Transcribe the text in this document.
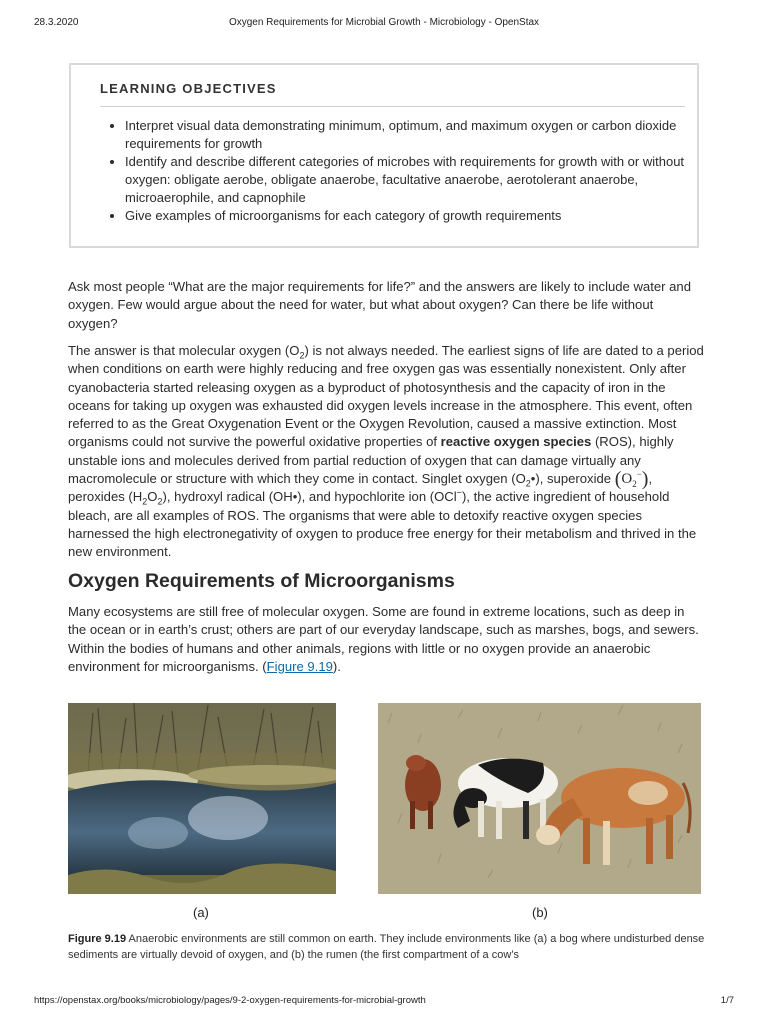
28.3.2020	Oxygen Requirements for Microbial Growth - Microbiology - OpenStax
LEARNING OBJECTIVES
• Interpret visual data demonstrating minimum, optimum, and maximum oxygen or carbon dioxide requirements for growth
• Identify and describe different categories of microbes with requirements for growth with or without oxygen: obligate aerobe, obligate anaerobe, facultative anaerobe, aerotolerant anaerobe, microaerophile, and capnophile
• Give examples of microorganisms for each category of growth requirements

Ask most people “What are the major requirements for life?” and the answers are likely to include water and oxygen. Few would argue about the need for water, but what about oxygen? Can there be life without oxygen?

The answer is that molecular oxygen $(O_2)$ is not always needed. The earliest signs of life are dated to a period when conditions on earth were highly reducing and free oxygen gas was essentially nonexistent. Only after cyanobacteria started releasing oxygen as a byproduct of photosynthesis and the capacity of iron in the oceans for taking up oxygen was exhausted did oxygen levels increase in the atmosphere. This event, often referred to as the Great Oxygenation Event or the Oxygen Revolution, caused a massive extinction. Most organisms could not survive the powerful oxidative properties of reactive oxygen species (ROS), highly unstable ions and molecules derived from partial reduction of oxygen that can damage virtually any macromolecule or structure with which they come in contact. Singlet oxygen $(O_2•)$, superoxide $(O_2^-)$, peroxides $(H_2O_2)$, hydroxyl radical (OH•), and hypochlorite ion (OCl−), the active ingredient of household bleach, are all examples of ROS. The organisms that were able to detoxify reactive oxygen species harnessed the high electronegativity of oxygen to produce free energy for their metabolism and thrived in the new environment.

Oxygen Requirements of Microorganisms

Many ecosystems are still free of molecular oxygen. Some are found in extreme locations, such as deep in the ocean or in earth’s crust; others are part of our everyday landscape, such as marshes, bogs, and sewers. Within the bodies of humans and other animals, regions with little or no oxygen provide an anaerobic environment for microorganisms. (Figure 9.19).

(a)	(b)

Figure 9.19 Anaerobic environments are still common on earth. They include environments like (a) a bog where undisturbed dense sediments are virtually devoid of oxygen, and (b) the rumen (the first compartment of a cow’s

https://openstax.org/books/microbiology/pages/9-2-oxygen-requirements-for-microbial-growth	1/7
